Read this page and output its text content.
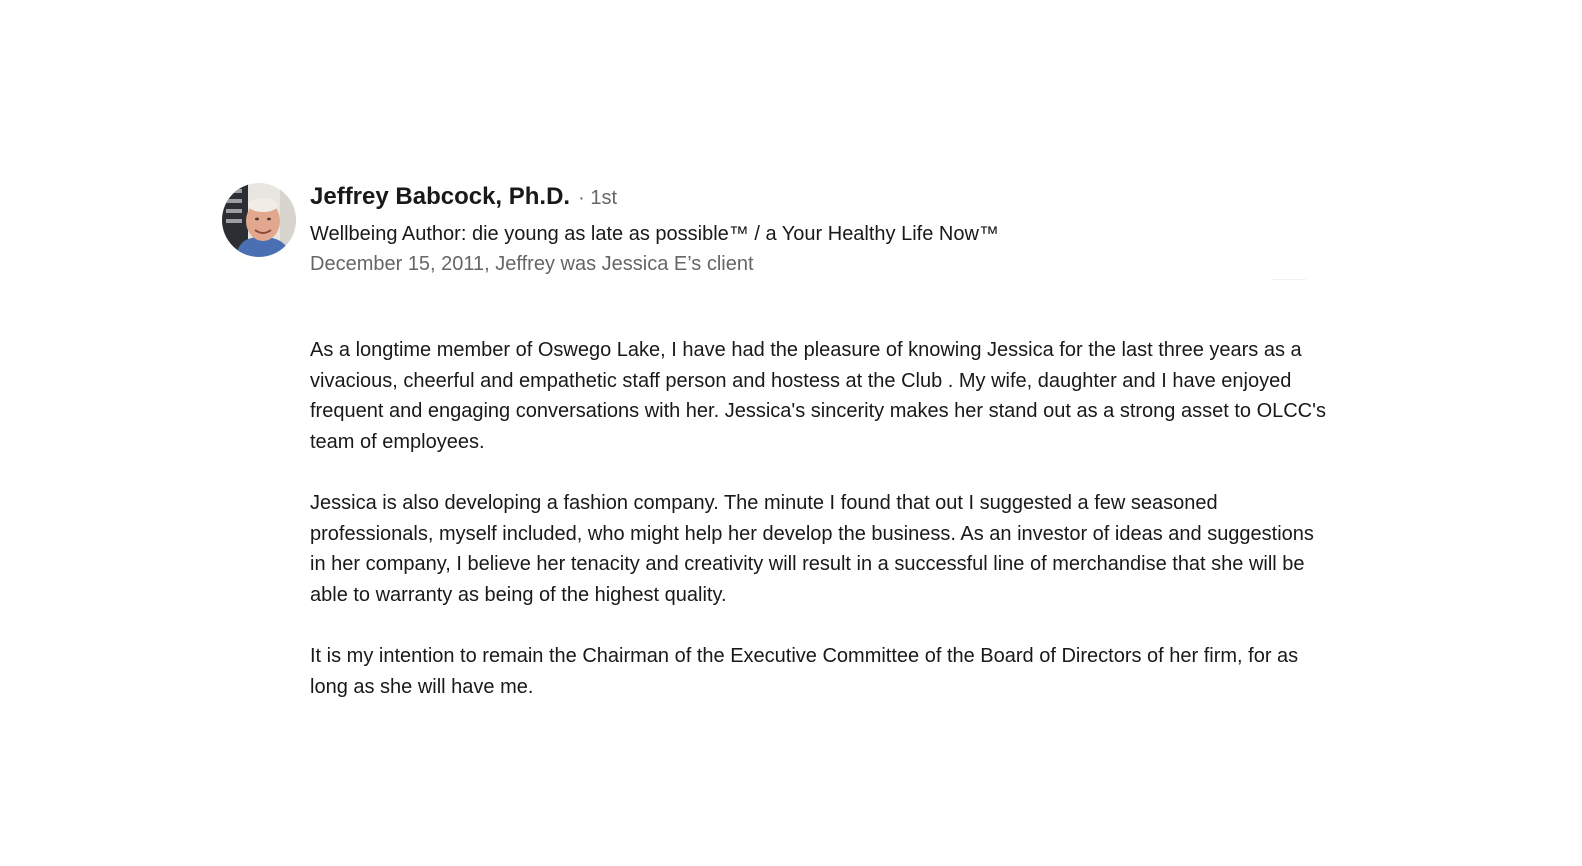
Jeffrey Babcock, Ph.D. · 1st
Wellbeing Author: die young as late as possible™ / a Your Healthy Life Now™
December 15, 2011, Jeffrey was Jessica E’s client

As a longtime member of Oswego Lake, I have had the pleasure of knowing Jessica for the last three years as a vivacious, cheerful and empathetic staff person and hostess at the Club . My wife, daughter and I have enjoyed frequent and engaging conversations with her. Jessica's sincerity makes her stand out as a strong asset to OLCC's team of employees.

Jessica is also developing a fashion company. The minute I found that out I suggested a few seasoned professionals, myself included, who might help her develop the business. As an investor of ideas and suggestions in her company, I believe her tenacity and creativity will result in a successful line of merchandise that she will be able to warranty as being of the highest quality.

It is my intention to remain the Chairman of the Executive Committee of the Board of Directors of her firm, for as long as she will have me.
